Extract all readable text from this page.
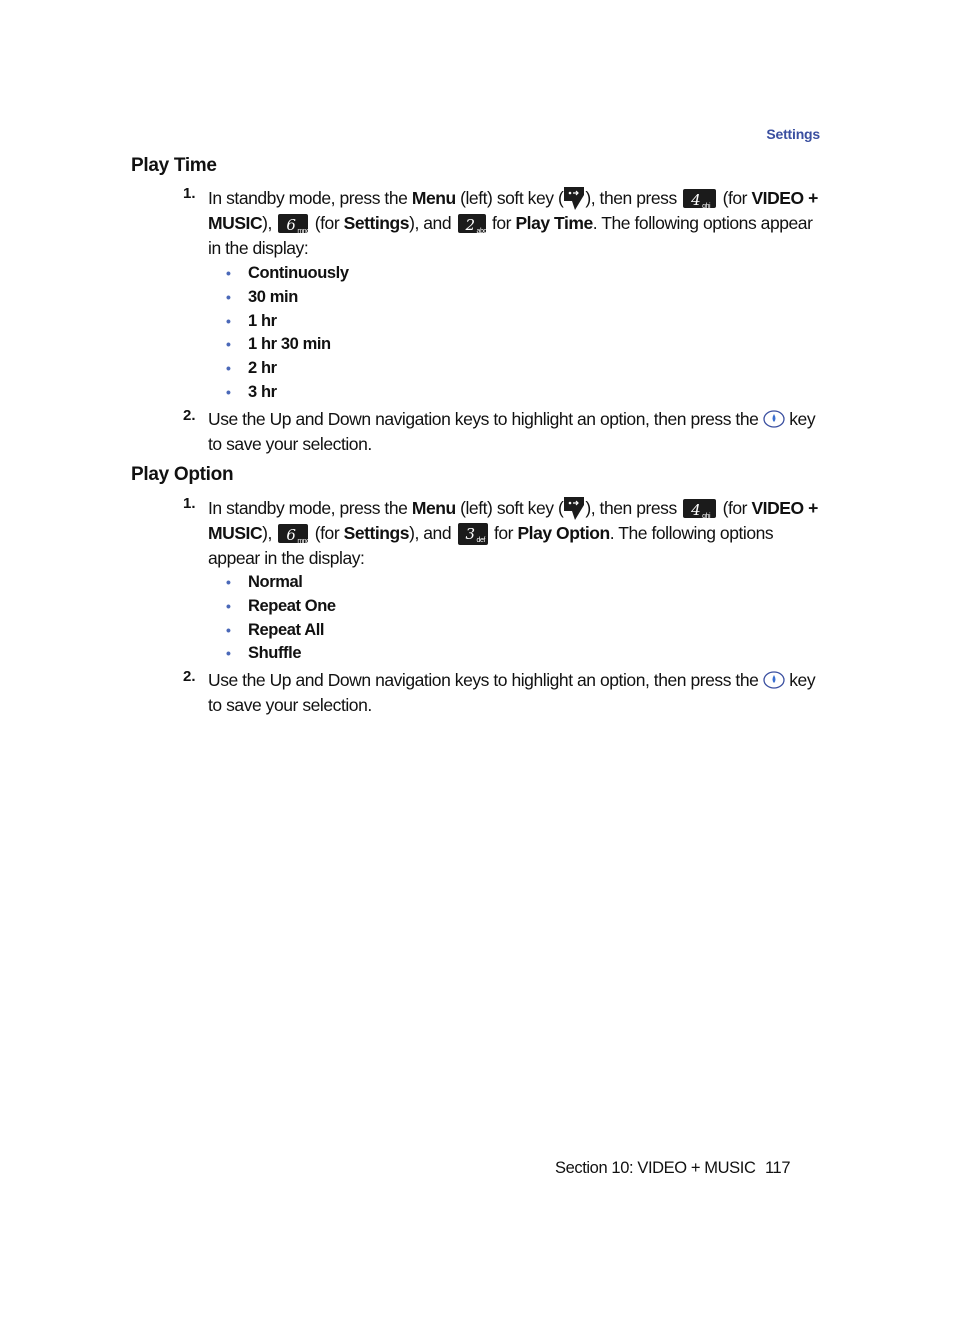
Settings
Play Time
1. In standby mode, press the Menu (left) soft key ( ), then press 4 ghi (for VIDEO + MUSIC), 6 mno (for Settings), and 2 abc for Play Time. The following options appear in the display:
• Continuously
• 30 min
• 1 hr
• 1 hr 30 min
• 2 hr
• 3 hr
2. Use the Up and Down navigation keys to highlight an option, then press the  key to save your selection.
Play Option
1. In standby mode, press the Menu (left) soft key ( ), then press 4 ghi (for VIDEO + MUSIC), 6 mno (for Settings), and 3 def for Play Option. The following options appear in the display:
• Normal
• Repeat One
• Repeat All
• Shuffle
2. Use the Up and Down navigation keys to highlight an option, then press the  key to save your selection.
Section 10: VIDEO + MUSIC 117
